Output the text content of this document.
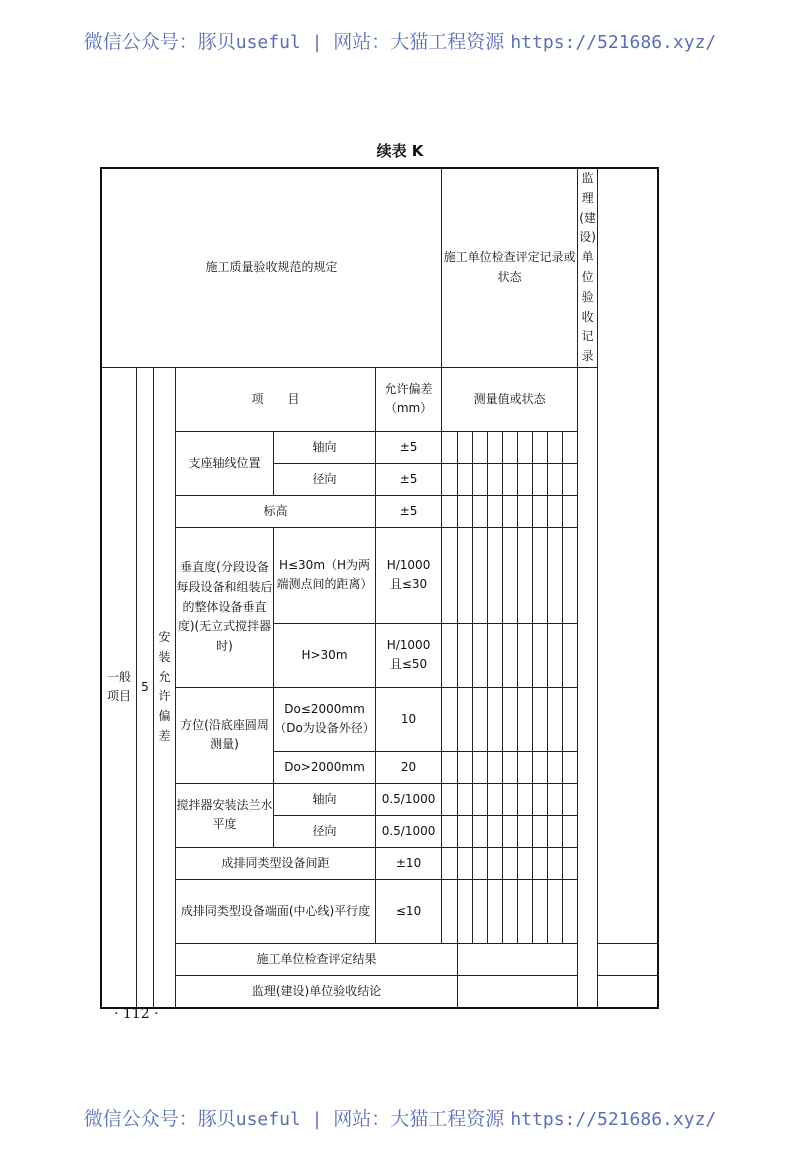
微信公众号：豚贝useful | 网站：大猫工程资源 https://521686.xyz/
续表 K
施工质量验收规范的规定						施工单位检查评定记录或状态									监理(建设)单位验收记录

一般项目	5	安装允许偏差	项　　目		允许偏差（mm）	测量值或状态									
			支座轴线位置	轴向	±5										
				径向	±5										
			标高		±5										
			垂直度(分段设备每段设备和组装后的整体设备垂直度)(无立式搅拌器时)	H≤30m（H为两端测点间的距离）	H/1000且≤30										

				H>30m	H/1000且≤50										

			方位(沿底座圆周测量)	Do≤2000mm（Do为设备外径）	10										
				Do>2000mm	20										
			搅拌器安装法兰水平度	轴向	0.5/1000										
				径向	0.5/1000										
			成排同类型设备间距		±10										
			成排同类型设备端面(中心线)平行度		≤10										
			施工单位检查评定结果												
			监理(建设)单位验收结论												
· 112 ·
微信公众号：豚贝useful | 网站：大猫工程资源 https://521686.xyz/
